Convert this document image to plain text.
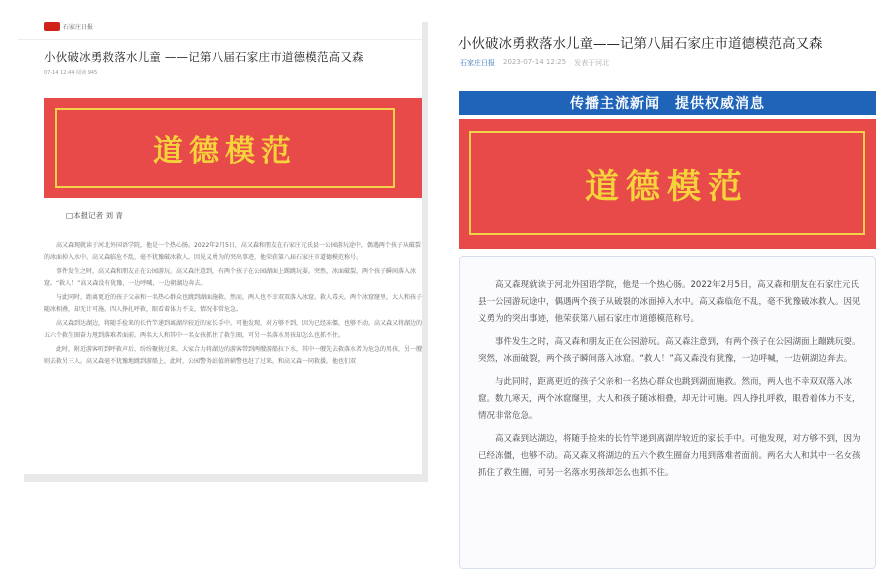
石家庄日报
小伙破冰勇救落水儿童 ——记第八届石家庄市道德模范高又森
07-14 12:44 阅读 945
道德模范
□本报记者 刘 青

高又森现就读于河北外国语学院，他是一个热心肠。2022年2月5日，高又森和朋友在石家庄元氏县一公园游玩途中，偶遇两个孩子从破裂的冰面掉入水中。高又森临危不乱，毫不犹豫破冰救人。因见义勇为的突出事迹，他荣获第八届石家庄市道德模范称号。

事件发生之时，高又森和朋友正在公园游玩。高又森注意到，有两个孩子在公园湖面上踢跳玩耍。突然，冰面破裂，两个孩子瞬间落入冰窟。“救人！”高又森没有犹豫，一边呼喊，一边朝湖边奔去。

与此同时，距离更近的孩子父亲和一名热心群众也跳到湖面施救。然而，两人也不幸双双落入冰窟。救人毒天，两个冰窟窿里，大人和孩子随冰相叠，却无计可施。四人挣扎呼救，眼看着体力不支，情况非常危急。

高又森到达湖边，将随手捡来的长竹竿递到离湖岸较近的家长手中。可他发现，对方够不到，因为已经冻僵，也够不动。高又森又将湖边的五六个救生圈奋力甩到落难者面前。两名大人和其中一名女孩抓住了救生圈，可另一名落水男孩却怎么也抓不住。

此时，附近游客听到呼救声后，纷纷聚拢过来。大家合力将湖边的游客带到两艘游船拉下水，其中一艘先去救落水者为危急的男孩，另一艘则去救另三人。高又森毫不犹豫地跳到游船上，此时，公园警务站值班辅警也赶了过来，和高又森一同救援。他也们双

小伙破冰勇救落水儿童——记第八届石家庄市道德模范高又森
石家庄日报 2023-07-14 12:25 发表于河北
传播主流新闻　提供权威消息
道德模范

高又森现就读于河北外国语学院，他是一个热心肠。2022年2月5日，高又森和朋友在石家庄元氏县一公园游玩途中，偶遇两个孩子从破裂的冰面掉入水中。高又森临危不乱，毫不犹豫破冰救人。因见义勇为的突出事迹，他荣获第八届石家庄市道德模范称号。

事件发生之时，高又森和朋友正在公园游玩。高又森注意到，有两个孩子在公园湖面上蹦跳玩耍。突然，冰面破裂，两个孩子瞬间落入冰窟。“救人！”高又森没有犹豫，一边呼喊，一边朝湖边奔去。

与此同时，距离更近的孩子父亲和一名热心群众也跳到湖面施救。然而，两人也不幸双双落入冰窟。数九寒天，两个冰窟窿里，大人和孩子随冰相叠，却无计可施。四人挣扎呼救，眼看着体力不支，情况非常危急。

高又森到达湖边，将随手捡来的长竹竿递到离湖岸较近的家长手中。可他发现，对方够不到，因为已经冻僵，也够不动。高又森又将湖边的五六个救生圈奋力甩到落难者面前。两名大人和其中一名女孩抓住了救生圈，可另一名落水男孩却怎么也抓不住。
